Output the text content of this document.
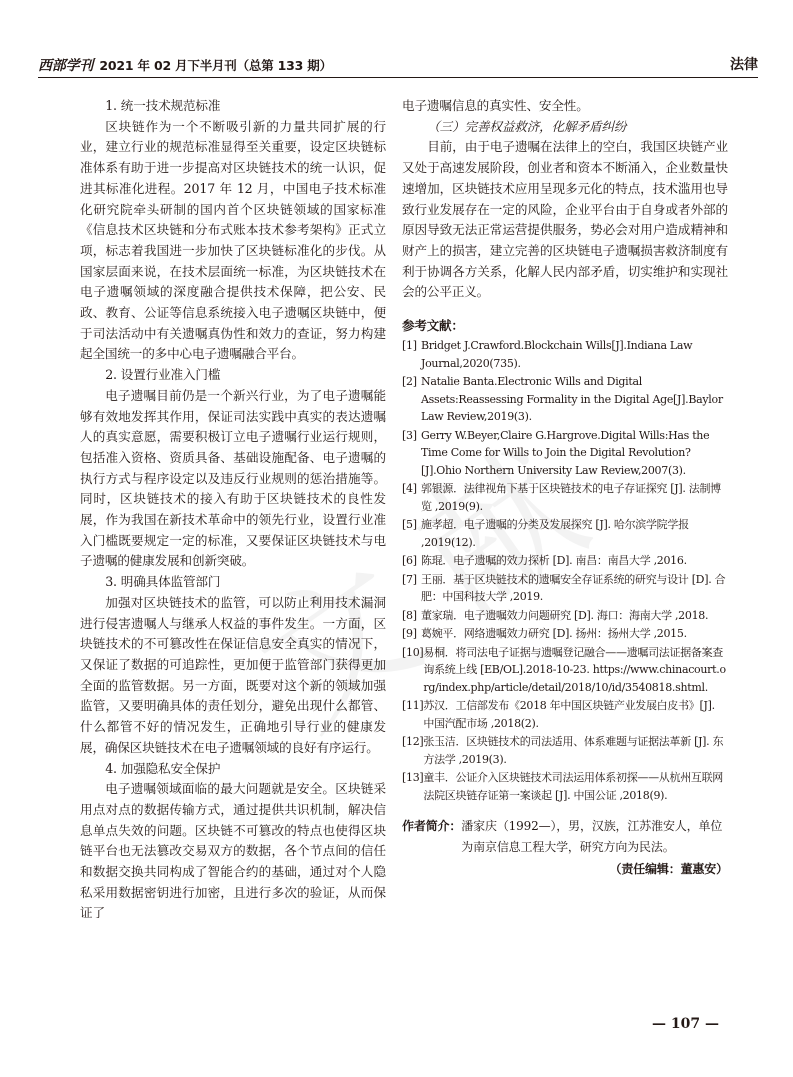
西部学刊 2021 年 02 月下半月刊（总第 133 期）	法律

1. 统一技术规范标准

区块链作为一个不断吸引新的力量共同扩展的行业，建立行业的规范标准显得至关重要，设定区块链标准体系有助于进一步提高对区块链技术的统一认识，促进其标准化进程。2017 年 12 月，中国电子技术标准化研究院牵头研制的国内首个区块链领域的国家标准《信息技术区块链和分布式账本技术参考架构》正式立项，标志着我国进一步加快了区块链标准化的步伐。从国家层面来说，在技术层面统一标准，为区块链技术在电子遗嘱领域的深度融合提供技术保障，把公安、民政、教育、公证等信息系统接入电子遗嘱区块链中，便于司法活动中有关遗嘱真伪性和效力的查证，努力构建起全国统一的多中心电子遗嘱融合平台。

2. 设置行业准入门槛

电子遗嘱目前仍是一个新兴行业，为了电子遗嘱能够有效地发挥其作用，保证司法实践中真实的表达遗嘱人的真实意愿，需要积极订立电子遗嘱行业运行规则，包括准入资格、资质具备、基础设施配备、电子遗嘱的执行方式与程序设定以及违反行业规则的惩治措施等。同时，区块链技术的接入有助于区块链技术的良性发展，作为我国在新技术革命中的领先行业，设置行业准入门槛既要规定一定的标准，又要保证区块链技术与电子遗嘱的健康发展和创新突破。

3. 明确具体监管部门

加强对区块链技术的监管，可以防止利用技术漏洞进行侵害遗嘱人与继承人权益的事件发生。一方面，区块链技术的不可篡改性在保证信息安全真实的情况下，又保证了数据的可追踪性，更加便于监管部门获得更加全面的监管数据。另一方面，既要对这个新的领域加强监管，又要明确具体的责任划分，避免出现什么都管、什么都管不好的情况发生，正确地引导行业的健康发展，确保区块链技术在电子遗嘱领域的良好有序运行。

4. 加强隐私安全保护

电子遗嘱领域面临的最大问题就是安全。区块链采用点对点的数据传输方式，通过提供共识机制，解决信息单点失效的问题。区块链不可篡改的特点也使得区块链平台也无法篡改交易双方的数据，各个节点间的信任和数据交换共同构成了智能合约的基础，通过对个人隐私采用数据密钥进行加密，且进行多次的验证，从而保证了

电子遗嘱信息的真实性、安全性。

（三）完善权益救济，化解矛盾纠纷

目前，由于电子遗嘱在法律上的空白，我国区块链产业又处于高速发展阶段，创业者和资本不断涌入，企业数量快速增加，区块链技术应用呈现多元化的特点，技术滥用也导致行业发展存在一定的风险，企业平台由于自身或者外部的原因导致无法正常运营提供服务，势必会对用户造成精神和财产上的损害，建立完善的区块链电子遗嘱损害救济制度有利于协调各方关系，化解人民内部矛盾，切实维护和实现社会的公平正义。

参考文献：
[1] Bridget J.Crawford.Blockchain Wills[J].Indiana Law Journal,2020(735).
[2] Natalie Banta.Electronic Wills and Digital Assets:Reassessing Formality in the Digital Age[J].Baylor Law Review,2019(3).
[3] Gerry W.Beyer,Claire G.Hargrove.Digital Wills:Has the Time Come for Wills to Join the Digital Revolution?[J].Ohio Northern University Law Review,2007(3).
[4] 郭银源．法律视角下基于区块链技术的电子存证探究 [J]. 法制博览 ,2019(9).
[5] 施孝超．电子遗嘱的分类及发展探究 [J]. 哈尔滨学院学报 ,2019(12).
[6] 陈琨．电子遗嘱的效力探析 [D]. 南昌：南昌大学 ,2016.
[7] 王丽．基于区块链技术的遗嘱安全存证系统的研究与设计 [D]. 合肥：中国科技大学 ,2019.
[8] 董家瑞．电子遗嘱效力问题研究 [D]. 海口：海南大学 ,2018.
[9] 葛婉平．网络遗嘱效力研究 [D]. 扬州：扬州大学 ,2015.
[10] 易桐．将司法电子证据与遗嘱登记融合——遗嘱司法证据备案查询系统上线 [EB/OL].2018-10-23. https://www.chinacourt.org/index.php/article/detail/2018/10/id/3540818.shtml.
[11] 苏汉．工信部发布《2018 年中国区块链产业发展白皮书》[J]. 中国汽配市场 ,2018(2).
[12] 张玉洁．区块链技术的司法适用、体系难题与证据法革新 [J]. 东方法学 ,2019(3).
[13] 童丰．公证介入区块链技术司法运用体系初探——从杭州互联网法院区块链存证第一案谈起 [J]. 中国公证 ,2018(9).
作者简介： 潘家庆（1992—），男，汉族，江苏淮安人，单位为南京信息工程大学，研究方向为民法。
（责任编辑：董惠安）
— 107 —
